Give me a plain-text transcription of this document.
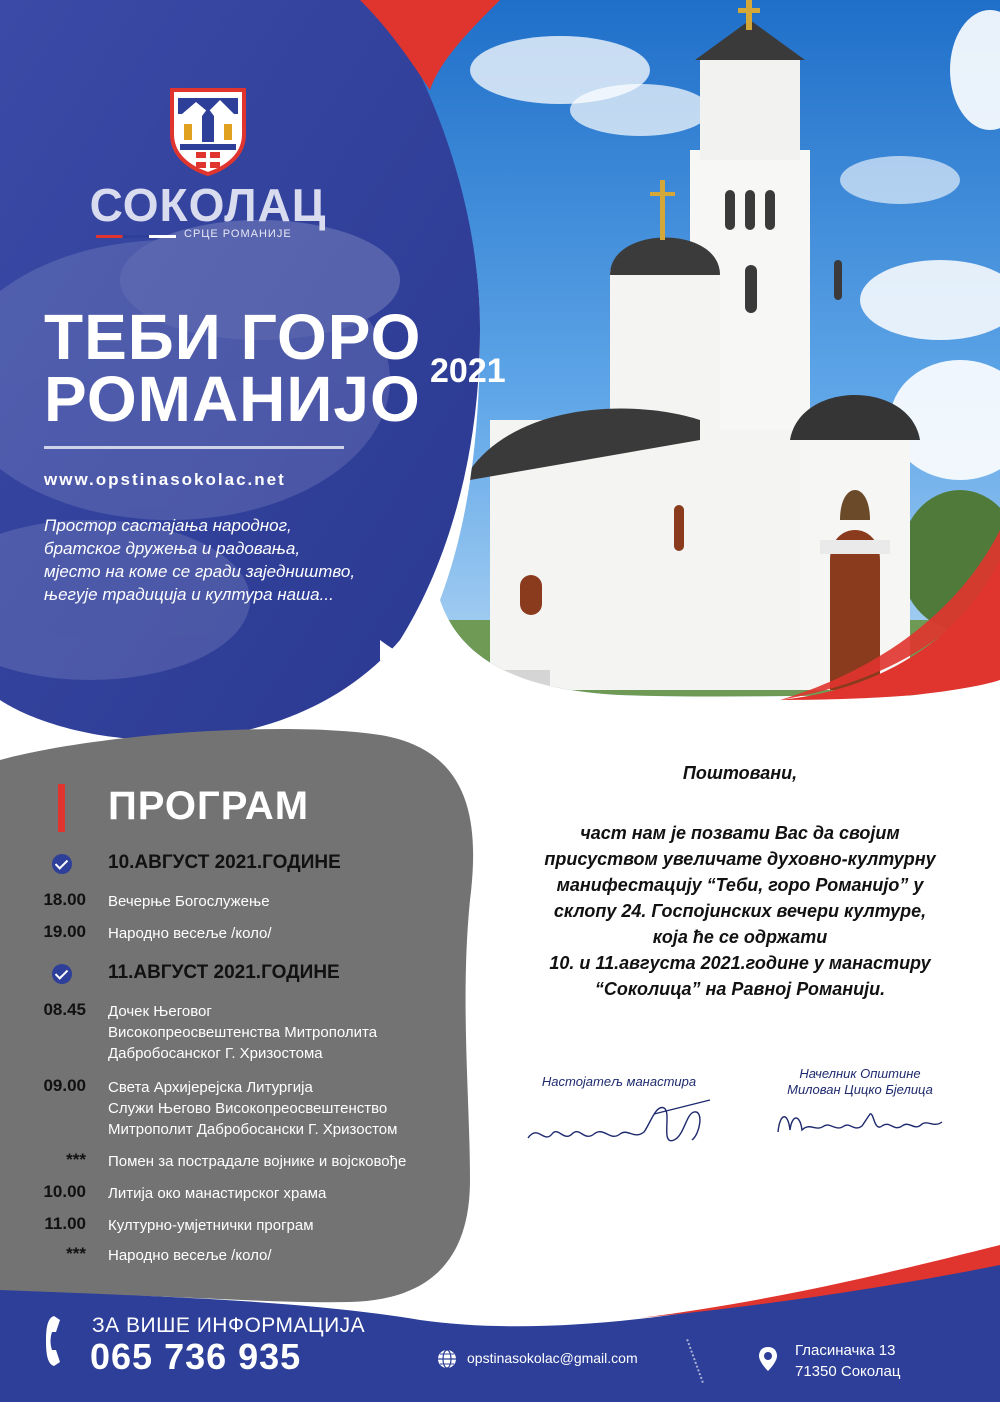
СОКОЛАЦ
СРЦЕ РОМАНИЈЕ
ТЕБИ ГОРО
РОМАНИЈО 2021
www.opstinasokolac.net
Простор састајања народног,
братског дружења и радовања,
мјесто на коме се гради заједништво,
његује традиција и култура наша...
ПРОГРАМ
10.АВГУСТ 2021.ГОДИНЕ
18.00 Вечерње Богослужење
19.00 Народно весеље /коло/
11.АВГУСТ 2021.ГОДИНЕ
08.45 Дочек Његовог
Високопреосвештенства Митрополита
Дабробосанског Г. Хризостома
09.00 Света Архијерејска Литургија
Служи Његово Високопреосвештенство
Митрополит Дабробосански Г. Хризостом
*** Помен за пострадале војнике и војсковође
10.00 Литија око манастирског храма
11.00 Културно-умјетнички програм
*** Народно весеље /коло/
Поштовани,
част нам је позвати Вас да својим
присуством увеличате духовно-културну
манифестацију “Теби, горо Романијо” у
склопу 24. Госпојинских вечери културе,
која ће се одржати
10. и 11.августа 2021.године у манастиру
“Соколица” на Равној Романији.
Настојатељ манастира
Начелник Општине
Милован Цицко Бјелица
ЗА ВИШЕ ИНФОРМАЦИЈА
065 736 935	opstinasokolac@gmail.com	Гласиначка 13
71350 Соколац
